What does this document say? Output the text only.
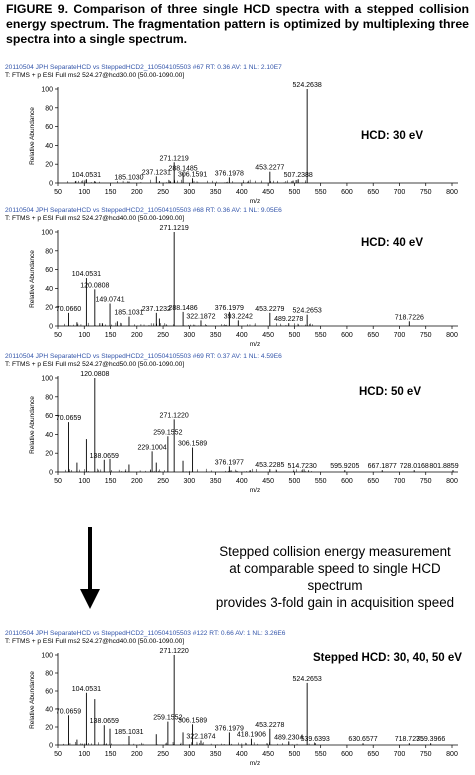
FIGURE 9. Comparison of three single HCD spectra with a stepped collision energy spectrum. The fragmentation pattern is optimized by multiplexing three spectra into a single spectrum.
20110504 JPH SeparateHCD vs SteppedHCD2_110504105503 #67 RT: 0.36 AV: 1 NL: 2.10E7
T: FTMS + p ESI Full ms2 524.27@hcd30.00 [50.00-1090.00]
HCD: 30 eV
0
20
40
60
80
100
50 100 150 200 250 300 350 400 450 500 550 600 650 700 750 800
m/z
Relative Abundance
104.0531 185.1030
237.1231
271.1219
288.1485
306.1591 376.1978
453.2277
507.2388
524.2638
20110504 JPH SeparateHCD vs SteppedHCD2_110504105503 #68 RT: 0.36 AV: 1 NL: 9.05E6
T: FTMS + p ESI Full ms2 524.27@hcd40.00 [50.00-1090.00]
HCD: 40 eV
0
20
40
60
80
100
50 100 150 200 250 300 350 400 450 500 550 600 650 700 750 800
m/z
Relative Abundance
70.0660
104.0531
120.0808
149.0741
185.1031
237.1232
271.1219
288.1486
322.1872
376.1979
393.2242
453.2279
489.2278
524.2653
718.7226
20110504 JPH SeparateHCD vs SteppedHCD2_110504105503 #69 RT: 0.37 AV: 1 NL: 4.59E6
T: FTMS + p ESI Full ms2 524.27@hcd50.00 [50.00-1090.00]
HCD: 50 eV
0
20
40
60
80
100
50 100 150 200 250 300 350 400 450 500 550 600 650 700 750 800
m/z
Relative Abundance	70.0659
120.0808
138.0659
229.1004
259.1552
271.1220
306.1589
376.1977 453.2285 514.7230 595.9205 667.1877 728.0168 801.8859
Stepped collision energy measurement
at comparable speed to single HCD spectrum
provides 3-fold gain in acquisition speed
20110504 JPH SeparateHCD vs SteppedHCD2_110504105503 #122 RT: 0.66 AV: 1 NL: 3.26E6
T: FTMS + p ESI Full ms2 524.27@hcd40.00 [50.00-1090.00]
Stepped HCD: 30, 40, 50 eV
0
20
40
60
80
100
50 100 150 200 250 300 350 400 450 500 550 600 650 700 750 800
m/z
Relative Abundance	70.0659
104.0531
138.0659
185.1031
259.1552
271.1220
306.1589
322.1874
376.1979
418.1906
453.2278
489.2304
524.2653
539.6393	630.6577 718.7235
759.3966
